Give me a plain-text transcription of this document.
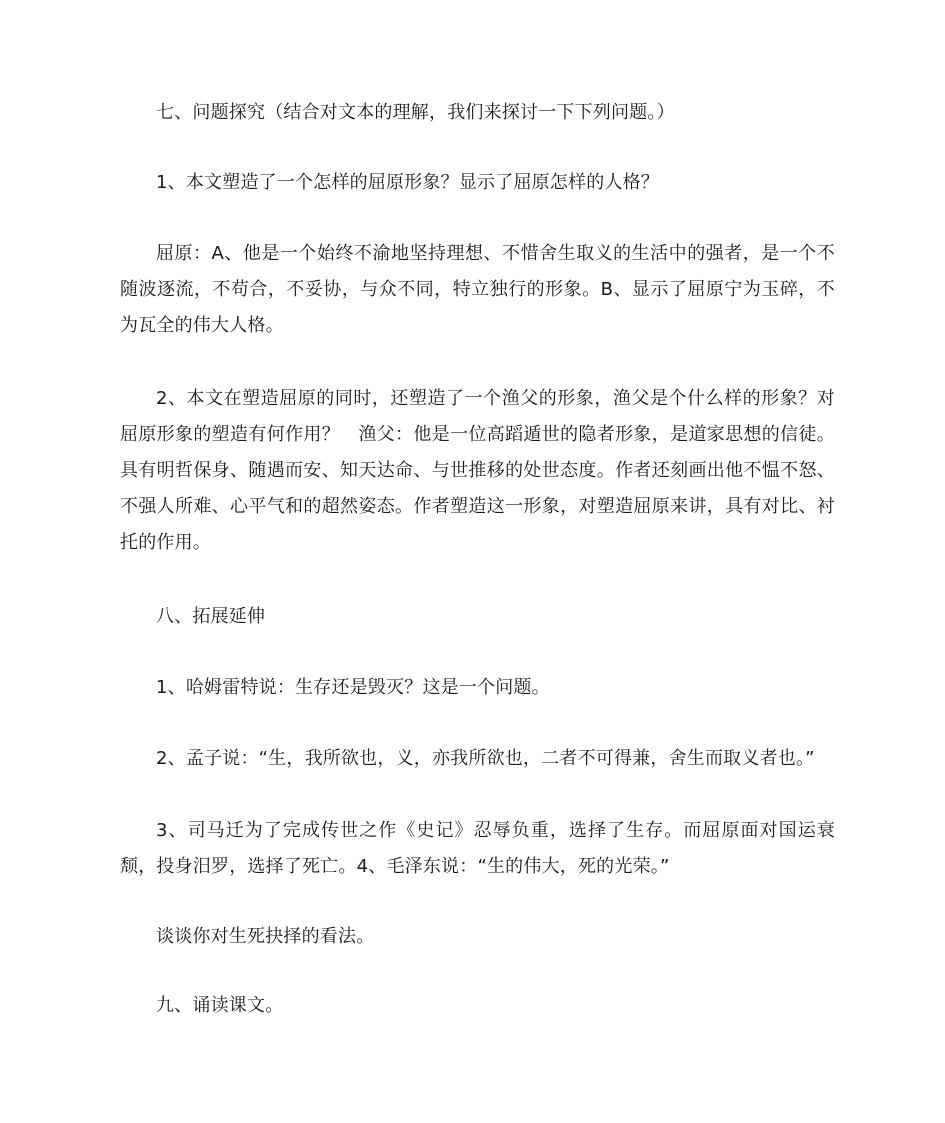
七、问题探究（结合对文本的理解，我们来探讨一下下列问题。）

1、本文塑造了一个怎样的屈原形象？显示了屈原怎样的人格？

屈原：A、他是一个始终不渝地坚持理想、不惜舍生取义的生活中的强者，是一个不随波逐流，不苟合，不妥协，与众不同，特立独行的形象。B、显示了屈原宁为玉碎，不为瓦全的伟大人格。

2、本文在塑造屈原的同时，还塑造了一个渔父的形象，渔父是个什么样的形象？对屈原形象的塑造有何作用？　渔父：他是一位高蹈遁世的隐者形象，是道家思想的信徒。具有明哲保身、随遇而安、知天达命、与世推移的处世态度。作者还刻画出他不愠不怒、不强人所难、心平气和的超然姿态。作者塑造这一形象，对塑造屈原来讲，具有对比、衬托的作用。

八、拓展延伸

1、哈姆雷特说：生存还是毁灭？这是一个问题。

2、孟子说：“生，我所欲也，义，亦我所欲也，二者不可得兼，舍生而取义者也。”

3、司马迁为了完成传世之作《史记》忍辱负重，选择了生存。而屈原面对国运衰颓，投身汨罗，选择了死亡。4、毛泽东说：“生的伟大，死的光荣。”

谈谈你对生死抉择的看法。

九、诵读课文。
